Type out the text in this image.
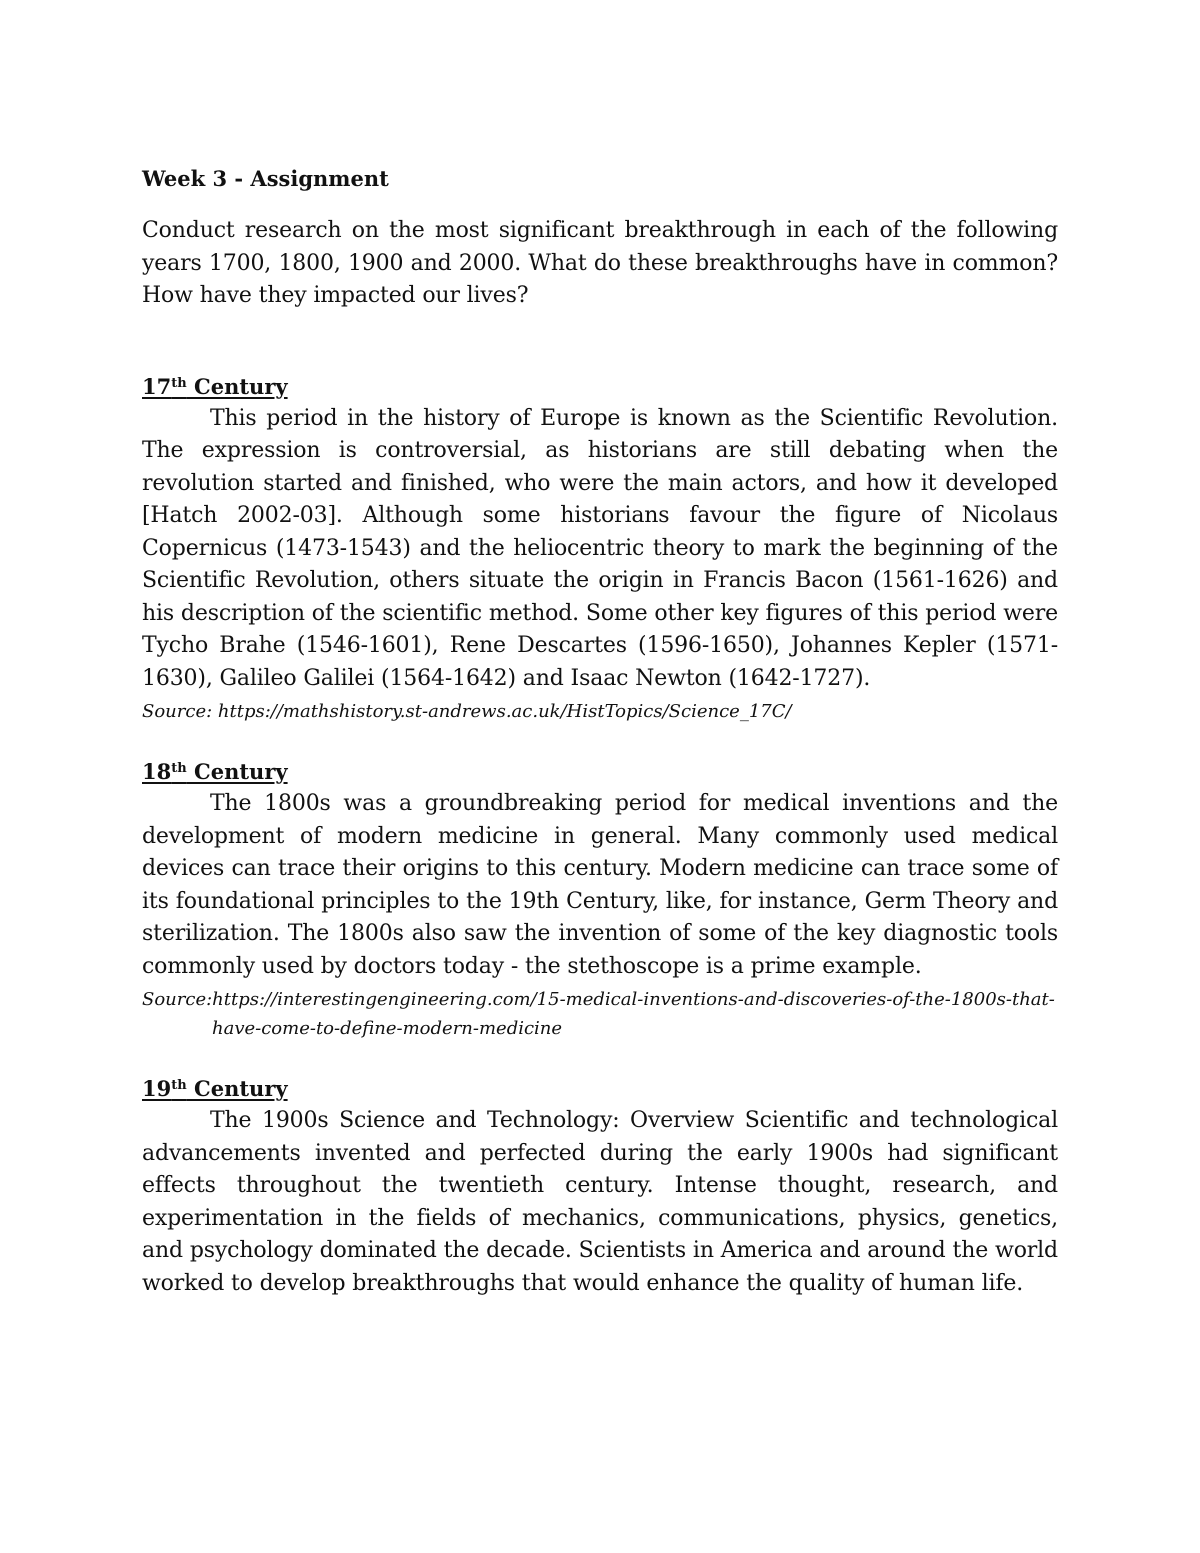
Week 3 - Assignment

Conduct research on the most significant breakthrough in each of the following years 1700, 1800, 1900 and 2000. What do these breakthroughs have in common? How have they impacted our lives?

17th Century

This period in the history of Europe is known as the Scientific Revolution. The expression is controversial, as historians are still debating when the revolution started and finished, who were the main actors, and how it developed [Hatch 2002-03]. Although some historians favour the figure of Nicolaus Copernicus (1473-1543) and the heliocentric theory to mark the beginning of the Scientific Revolution, others situate the origin in Francis Bacon (1561-1626) and his description of the scientific method. Some other key figures of this period were Tycho Brahe (1546-1601), Rene Descartes (1596-1650), Johannes Kepler (1571-1630), Galileo Galilei (1564-1642) and Isaac Newton (1642-1727).

Source: https://mathshistory.st-andrews.ac.uk/HistTopics/Science_17C/

18th Century

The 1800s was a groundbreaking period for medical inventions and the development of modern medicine in general. Many commonly used medical devices can trace their origins to this century. Modern medicine can trace some of its foundational principles to the 19th Century, like, for instance, Germ Theory and sterilization. The 1800s also saw the invention of some of the key diagnostic tools commonly used by doctors today - the stethoscope is a prime example.

Source:https://interestingengineering.com/15-medical-inventions-and-discoveries-of-the-1800s-that-have-come-to-define-modern-medicine

19th Century

The 1900s Science and Technology: Overview Scientific and technological advancements invented and perfected during the early 1900s had significant effects throughout the twentieth century. Intense thought, research, and experimentation in the fields of mechanics, communications, physics, genetics, and psychology dominated the decade. Scientists in America and around the world worked to develop breakthroughs that would enhance the quality of human life.
